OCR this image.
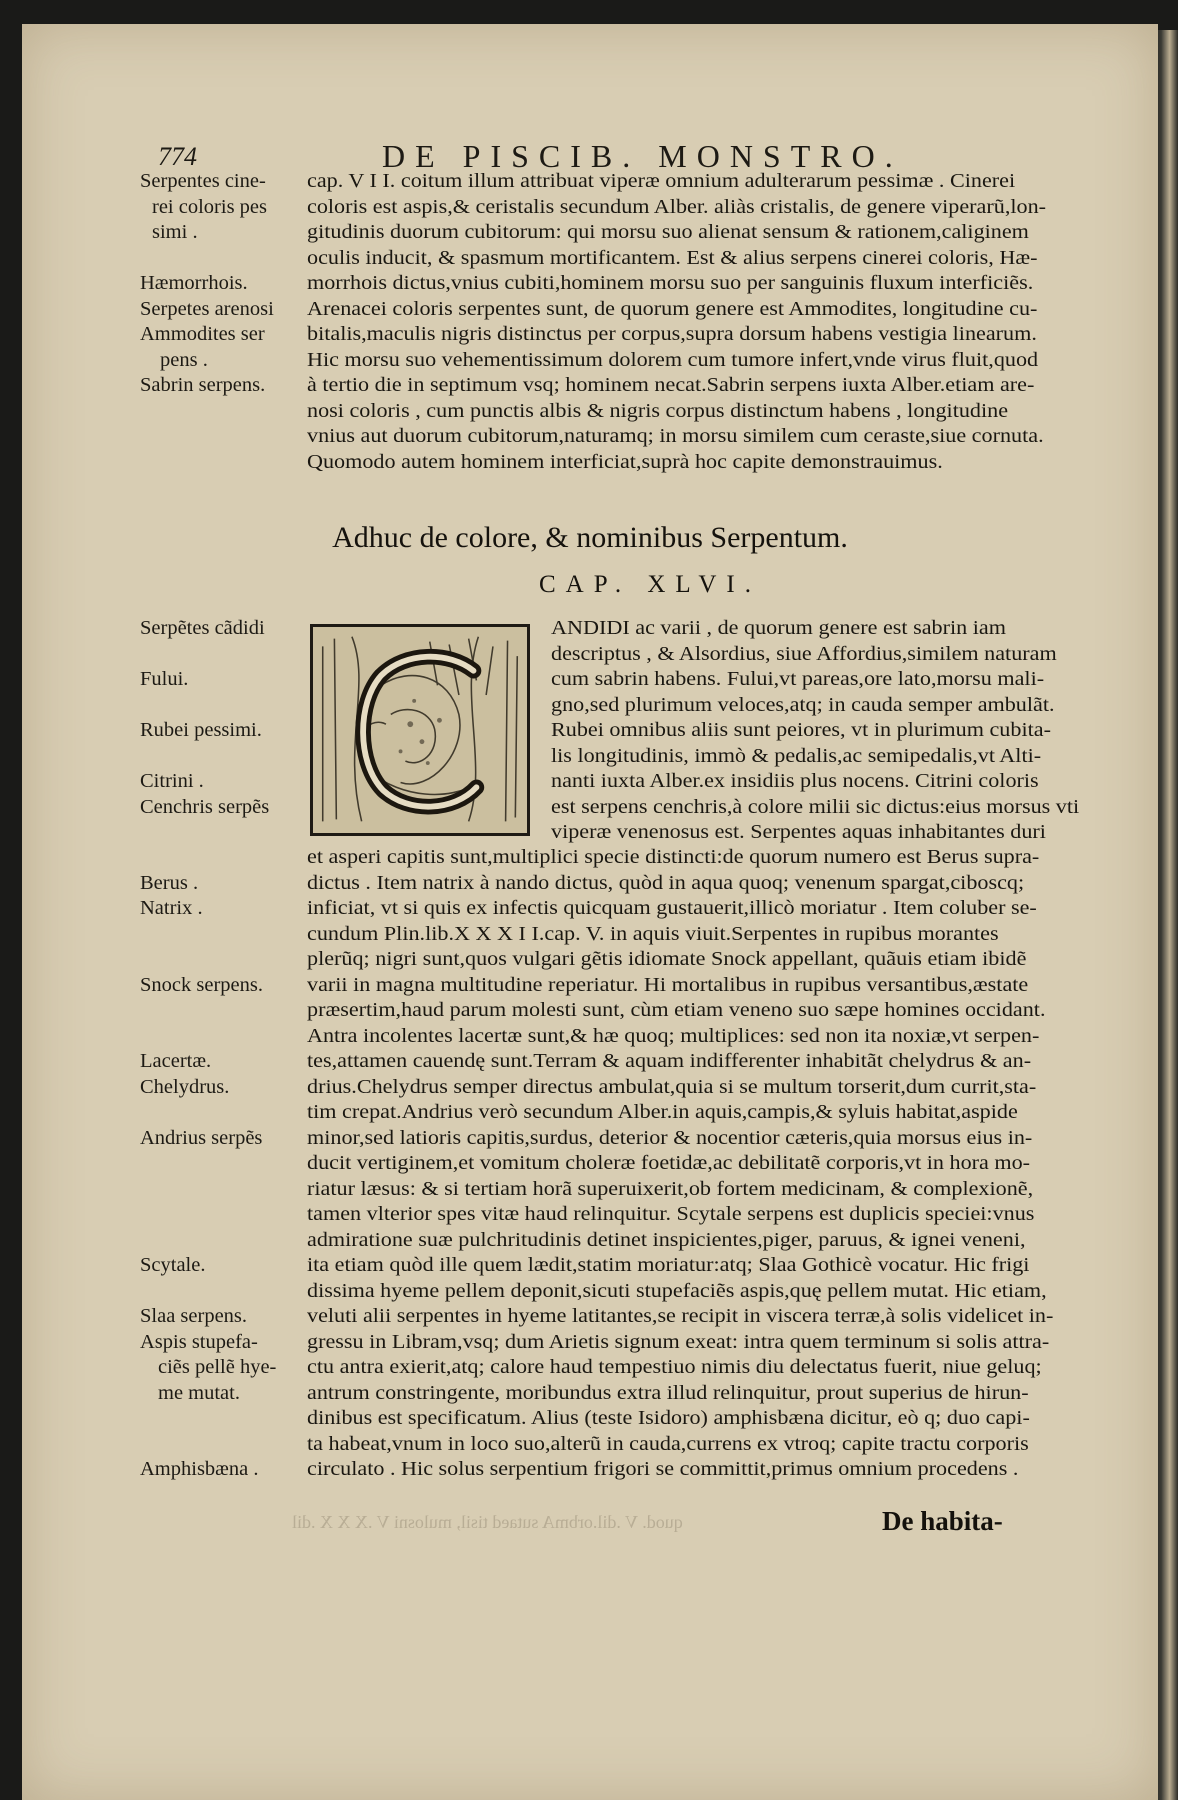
774	DE PISCIB. MONSTRO.
Serpentes cine-
rei coloris pes
simi .

Hæmorrhois.
Serpetes arenosi
Ammodites ser
pens .
Sabrin serpens.
cap. V I I. coitum illum attribuat viperæ omnium adulterarum pessimæ . Cinerei
coloris est aspis,& ceristalis secundum Alber. aliàs cristalis, de genere viperarũ,lon-
gitudinis duorum cubitorum: qui morsu suo alienat sensum & rationem,caliginem
oculis inducit, & spasmum mortificantem. Est & alius serpens cinerei coloris, Hæ-
morrhois dictus,vnius cubiti,hominem morsu suo per sanguinis fluxum interficiẽs.
Arenacei coloris serpentes sunt, de quorum genere est Ammodites, longitudine cu-
bitalis,maculis nigris distinctus per corpus,supra dorsum habens vestigia linearum.
Hic morsu suo vehementissimum dolorem cum tumore infert,vnde virus fluit,quod
à tertio die in septimum vsq; hominem necat.Sabrin serpens iuxta Alber.etiam are-
nosi coloris , cum punctis albis & nigris corpus distinctum habens , longitudine
vnius aut duorum cubitorum,naturamq; in morsu similem cum ceraste,siue cornuta.
Quomodo autem hominem interficiat,suprà hoc capite demonstrauimus.
Adhuc de colore, & nominibus Serpentum.
CAP. XLVI.
Serpẽtes cãdidi

Fului.

Rubei pessimi.

Citrini .
Cenchris serpẽs
ANDIDI ac varii , de quorum genere est sabrin iam
descriptus , & Alsordius, siue Affordius,similem naturam
cum sabrin habens. Fului,vt pareas,ore lato,morsu mali-
gno,sed plurimum veloces,atq; in cauda semper ambulãt.
Rubei omnibus aliis sunt peiores, vt in plurimum cubita-
lis longitudinis, immò & pedalis,ac semipedalis,vt Alti-
nanti iuxta Alber.ex insidiis plus nocens. Citrini coloris
est serpens cenchris,à colore milii sic dictus:eius morsus vti
viperæ venenosus est. Serpentes aquas inhabitantes duri

Berus .
Natrix .

Snock serpens.

Lacertæ.
Chelydrus.

Andrius serpẽs

Scytale.

Slaa serpens.
Aspis stupefa-
ciẽs pellẽ hye-
me mutat.

Amphisbæna .
et asperi capitis sunt,multiplici specie distincti:de quorum numero est Berus supra-
dictus . Item natrix à nando dictus, quòd in aqua quoq; venenum spargat,ciboscq;
inficiat, vt si quis ex infectis quicquam gustauerit,illicò moriatur . Item coluber se-
cundum Plin.lib.X X X I I.cap. V. in aquis viuit.Serpentes in rupibus morantes
plerũq; nigri sunt,quos vulgari gẽtis idiomate Snock appellant, quãuis etiam ibidẽ
varii in magna multitudine reperiatur. Hi mortalibus in rupibus versantibus,æstate
præsertim,haud parum molesti sunt, cùm etiam veneno suo sæpe homines occidant.
Antra incolentes lacertæ sunt,& hæ quoq; multiplices: sed non ita noxiæ,vt serpen-
tes,attamen cauendę sunt.Terram & aquam indifferenter inhabitãt chelydrus & an-
drius.Chelydrus semper directus ambulat,quia si se multum torserit,dum currit,sta-
tim crepat.Andrius verò secundum Alber.in aquis,campis,& syluis habitat,aspide
minor,sed latioris capitis,surdus, deterior & nocentior cæteris,quia morsus eius in-
ducit vertiginem,et vomitum choleræ foetidæ,ac debilitatẽ corporis,vt in hora mo-
riatur læsus: & si tertiam horã superuixerit,ob fortem medicinam, & complexionẽ,
tamen vlterior spes vitæ haud relinquitur. Scytale serpens est duplicis speciei:vnus
admiratione suæ pulchritudinis detinet inspicientes,piger, paruus, & ignei veneni,
ita etiam quòd ille quem lædit,statim moriatur:atq; Slaa Gothicè vocatur. Hic frigi
dissima hyeme pellem deponit,sicuti stupefaciẽs aspis,quę pellem mutat. Hic etiam,
veluti alii serpentes in hyeme latitantes,se recipit in viscera terræ,à solis videlicet in-
gressu in Libram,vsq; dum Arietis signum exeat: intra quem terminum si solis attra-
ctu antra exierit,atq; calore haud tempestiuo nimis diu delectatus fuerit, niue geluq;
antrum constringente, moribundus extra illud relinquitur, prout superius de hirun-
dinibus est specificatum. Alius (teste Isidoro) amphisbæna dicitur, eò q; duo capi-
ta habeat,vnum in loco suo,alterũ in cauda,currens ex vtroq; capite tractu corporis
circulato . Hic solus serpentium frigori se committit,primus omnium procedens .
quod. V .dil.orbmA sutaed tisil, mulosni V .X X X .dil	De habita-
